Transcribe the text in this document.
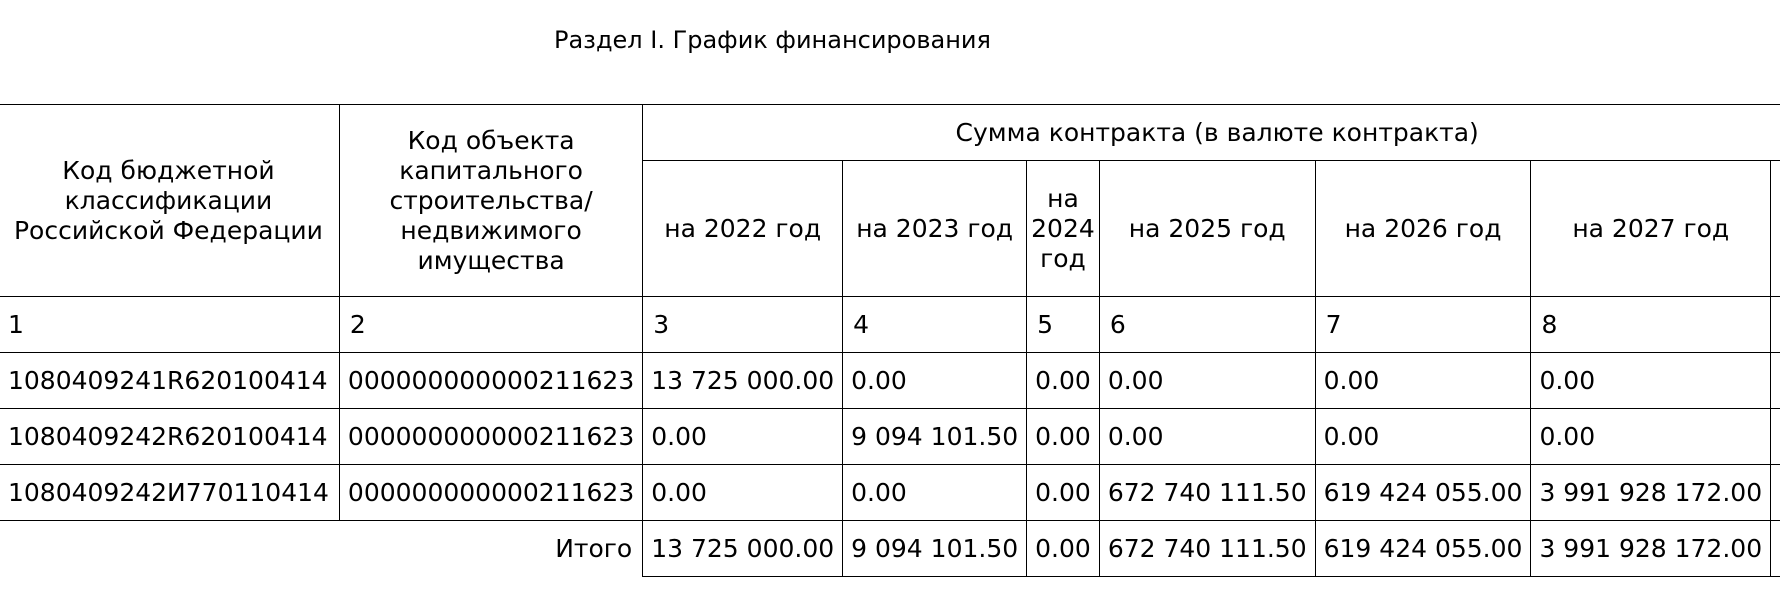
Раздел I. График финансирования
Код бюджетной классификации Российской Федерации	Код объекта капитального строительства/ недвижимого имущества	Сумма контракта (в валюте контракта)						
		на 2022 год	на 2023 год	на 2024 год	на 2025 год	на 2026 год	на 2027 год	
1	2	3	4	5	6	7	8	
1080409241R620100414	000000000000211623	13 725 000.00	0.00	0.00	0.00	0.00	0.00	
1080409242R620100414	000000000000211623	0.00	9 094 101.50	0.00	0.00	0.00	0.00	
1080409242И770110414	000000000000211623	0.00	0.00	0.00	672 740 111.50	619 424 055.00	3 991 928 172.00	
Итого		13 725 000.00	9 094 101.50	0.00	672 740 111.50	619 424 055.00	3 991 928 172.00	
